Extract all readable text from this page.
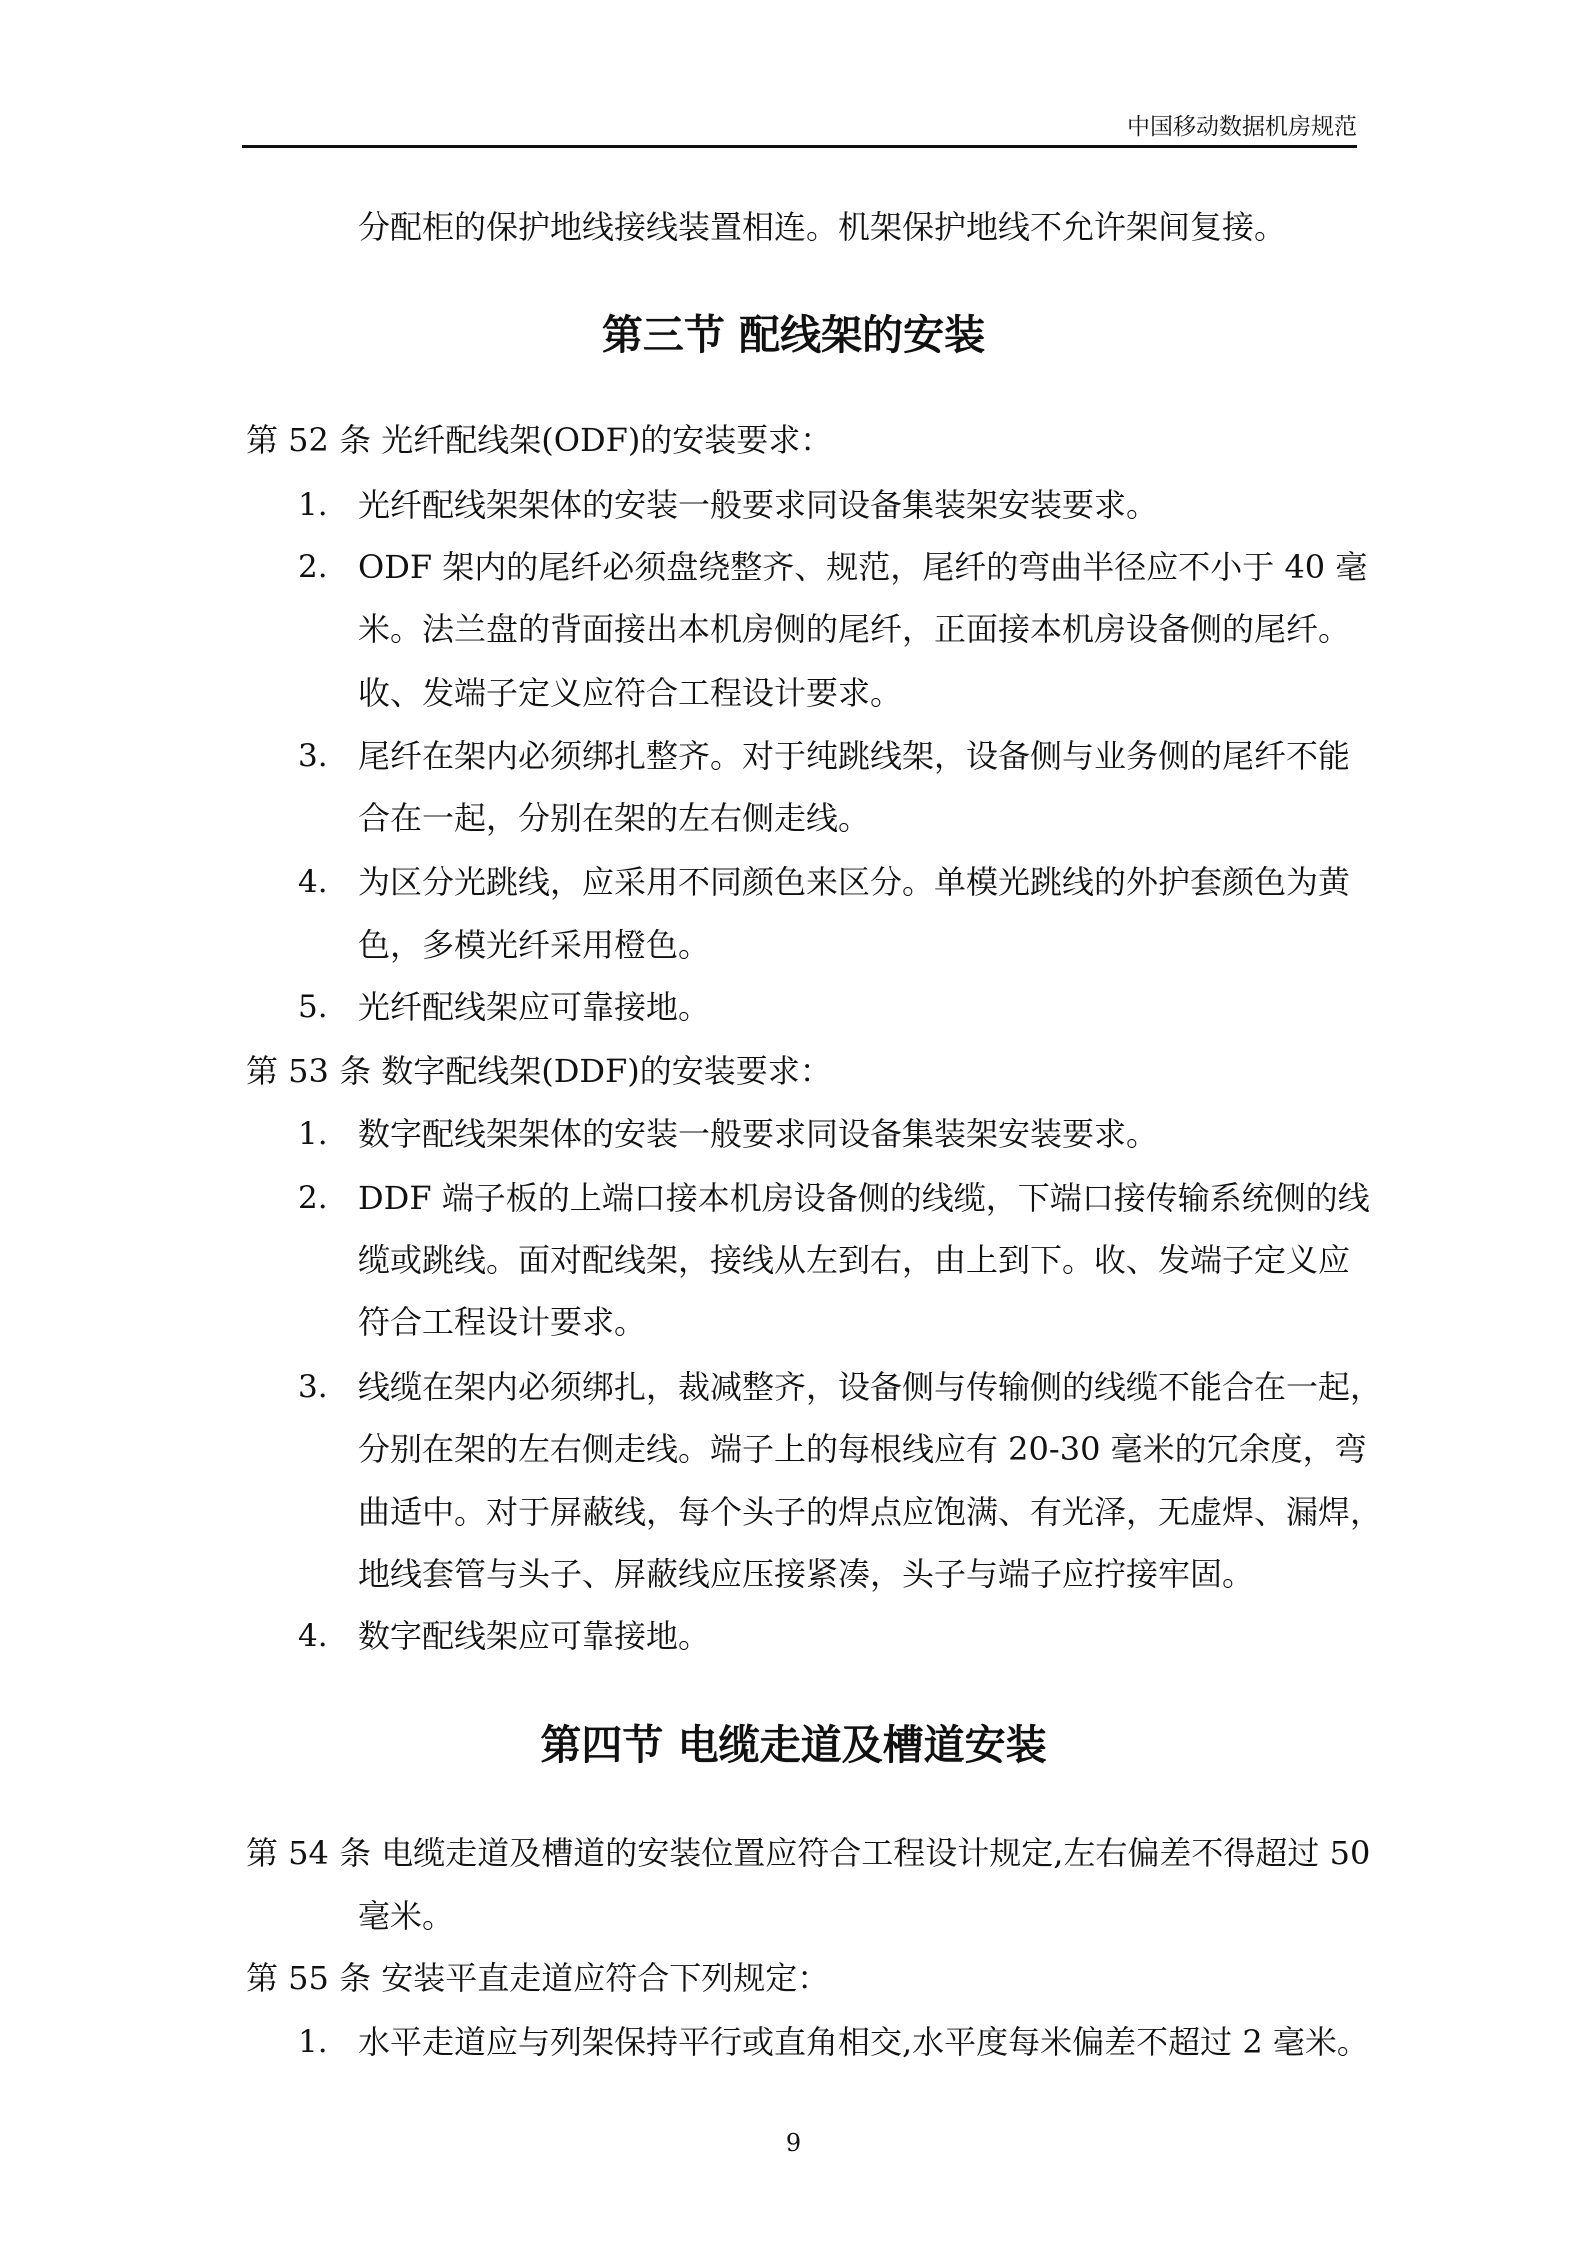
中国移动数据机房规范
分配柜的保护地线接线装置相连。机架保护地线不允许架间复接。
第三节 配线架的安装
第 52 条 光纤配线架(ODF)的安装要求：
1. 光纤配线架架体的安装一般要求同设备集装架安装要求。
2. ODF 架内的尾纤必须盘绕整齐、规范，尾纤的弯曲半径应不小于 40 毫
米。法兰盘的背面接出本机房侧的尾纤，正面接本机房设备侧的尾纤。
收、发端子定义应符合工程设计要求。
3. 尾纤在架内必须绑扎整齐。对于纯跳线架，设备侧与业务侧的尾纤不能
合在一起，分别在架的左右侧走线。
4. 为区分光跳线，应采用不同颜色来区分。单模光跳线的外护套颜色为黄
色，多模光纤采用橙色。
5. 光纤配线架应可靠接地。
第 53 条 数字配线架(DDF)的安装要求：
1. 数字配线架架体的安装一般要求同设备集装架安装要求。
2. DDF 端子板的上端口接本机房设备侧的线缆，下端口接传输系统侧的线
缆或跳线。面对配线架，接线从左到右，由上到下。收、发端子定义应
符合工程设计要求。
3. 线缆在架内必须绑扎，裁减整齐，设备侧与传输侧的线缆不能合在一起，
分别在架的左右侧走线。端子上的每根线应有 20-30 毫米的冗余度，弯
曲适中。对于屏蔽线，每个头子的焊点应饱满、有光泽，无虚焊、漏焊，
地线套管与头子、屏蔽线应压接紧凑，头子与端子应拧接牢固。
4. 数字配线架应可靠接地。
第四节 电缆走道及槽道安装
第 54 条 电缆走道及槽道的安装位置应符合工程设计规定,左右偏差不得超过 50
毫米。
第 55 条 安装平直走道应符合下列规定：
1. 水平走道应与列架保持平行或直角相交,水平度每米偏差不超过 2 毫米。
9
